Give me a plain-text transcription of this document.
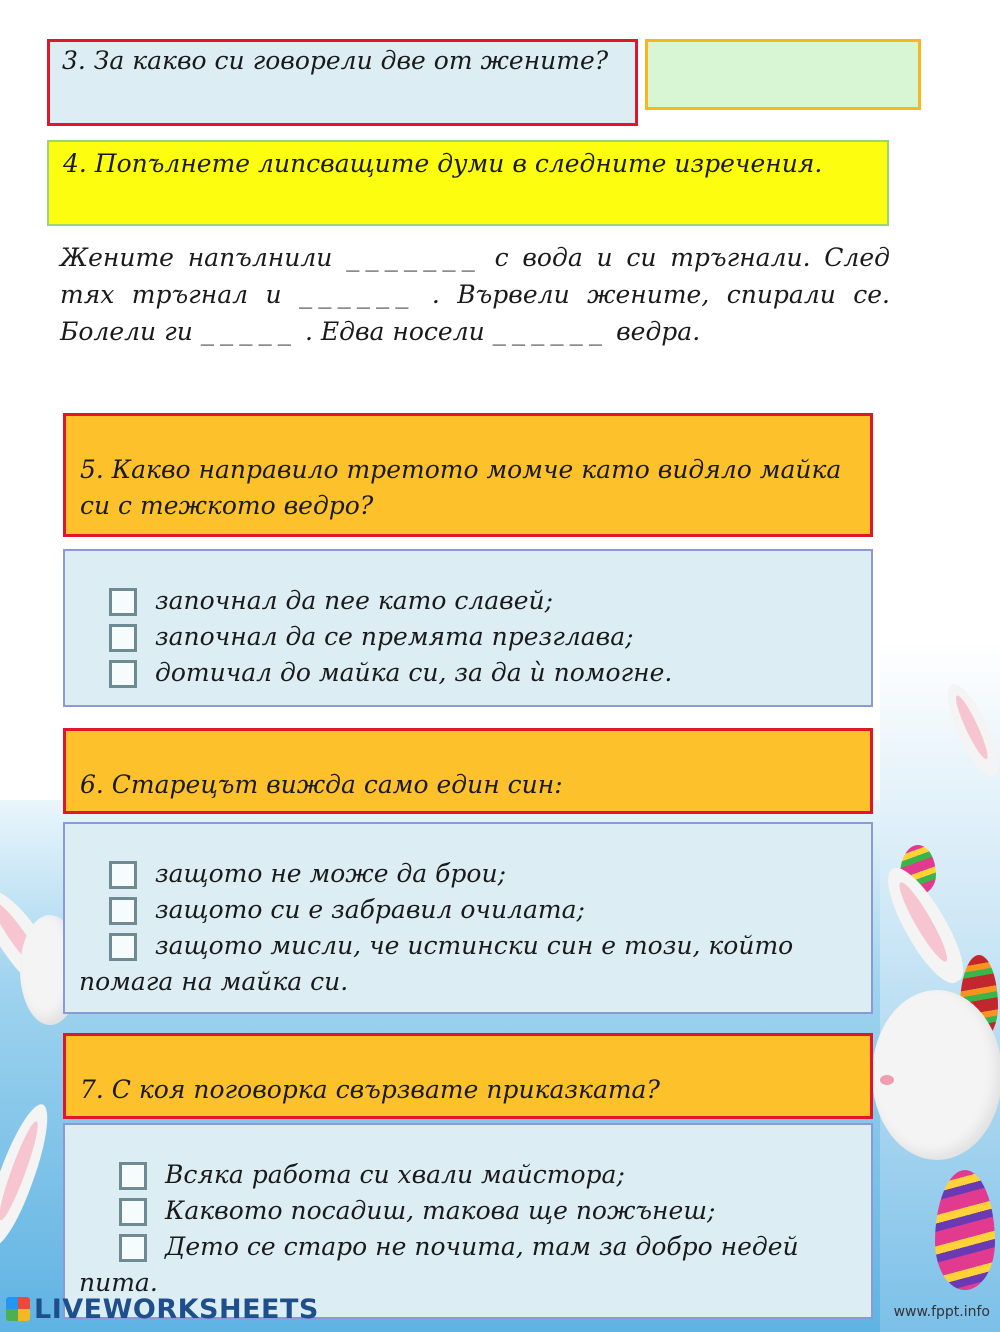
3. За какво си говорели две от жените?
4. Попълнете липсващите думи в следните изречения.
Жените напълнили _______ с вода и си тръгнали. След тях тръгнал и ______ . Вървели жените, спирали се. Болели ги _____ . Едва носели ______ ведра.
5. Какво направило третото момче като видяло майка си с тежкото ведро?
започнал да пее като славей;
започнал да се премята презглава;
дотичал до майка си, за да ѝ помогне.
6. Старецът вижда само един син:
защото не може да брои;
защото си е забравил очилата;
защото мисли, че истински син е този, който помага на майка си.
7. С коя поговорка свързвате приказката?
Всяка работа си хвали майстора;
Каквото посадиш, такова ще пожънеш;
Дето се старо не почита, там за добро недей пита.
LIVEWORKSHEETS	www.fppt.info
